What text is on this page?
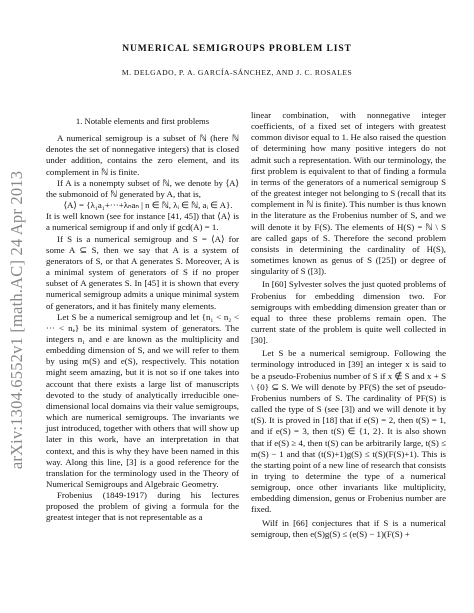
arXiv:1304.6552v1 [math.AC] 24 Apr 2013
NUMERICAL SEMIGROUPS PROBLEM LIST
M. DELGADO, P. A. GARCÍA-SÁNCHEZ, AND J. C. ROSALES
1. Notable elements and first problems

A numerical semigroup is a subset of ℕ (here ℕ denotes the set of nonnegative integers) that is closed under addition, contains the zero element, and its complement in ℕ is finite.

If A is a nonempty subset of ℕ, we denote by ⟨A⟩ the submonoid of ℕ generated by A, that is,

⟨A⟩ = {λ₁a₁+···+λₙaₙ | n ∈ ℕ, λᵢ ∈ ℕ, aᵢ ∈ A}.

It is well known (see for instance [41, 45]) that ⟨A⟩ is a numerical semigroup if and only if gcd(A) = 1.

If S is a numerical semigroup and S = ⟨A⟩ for some A ⊆ S, then we say that A is a system of generators of S, or that A generates S. Moreover, A is a minimal system of generators of S if no proper subset of A generates S. In [45] it is shown that every numerical semigroup admits a unique minimal system of generators, and it has finitely many elements.

Let S be a numerical semigroup and let {n₁ < n₂ < ··· < nₑ} be its minimal system of generators. The integers n₁ and e are known as the multiplicity and embedding dimension of S, and we will refer to them by using m(S) and e(S), respectively. This notation might seem amazing, but it is not so if one takes into account that there exists a large list of manuscripts devoted to the study of analytically irreducible one-dimensional local domains via their value semigroups, which are numerical semigroups. The invariants we just introduced, together with others that will show up later in this work, have an interpretation in that context, and this is why they have been named in this way. Along this line, [3] is a good reference for the translation for the terminology used in the Theory of Numerical Semigroups and Algebraic Geometry.

Frobenius (1849-1917) during his lectures proposed the problem of giving a formula for the greatest integer that is not representable as a

linear combination, with nonnegative integer coefficients, of a fixed set of integers with greatest common divisor equal to 1. He also raised the question of determining how many positive integers do not admit such a representation. With our terminology, the first problem is equivalent to that of finding a formula in terms of the generators of a numerical semigroup S of the greatest integer not belonging to S (recall that its complement in ℕ is finite). This number is thus known in the literature as the Frobenius number of S, and we will denote it by F(S). The elements of H(S) = ℕ \ S are called gaps of S. Therefore the second problem consists in determining the cardinality of H(S), sometimes known as genus of S ([25]) or degree of singularity of S ([3]).

In [60] Sylvester solves the just quoted problems of Frobenius for embedding dimension two. For semigroups with embedding dimension greater than or equal to three these problems remain open. The current state of the problem is quite well collected in [30].

Let S be a numerical semigroup. Following the terminology introduced in [39] an integer x is said to be a pseudo-Frobenius number of S if x ∉ S and x + S \ {0} ⊆ S. We will denote by PF(S) the set of pseudo-Frobenius numbers of S. The cardinality of PF(S) is called the type of S (see [3]) and we will denote it by t(S). It is proved in [18] that if e(S) = 2, then t(S) = 1, and if e(S) = 3, then t(S) ∈ {1, 2}. It is also shown that if e(S) ≥ 4, then t(S) can be arbitrarily large, t(S) ≤ m(S) − 1 and that (t(S)+1)g(S) ≤ t(S)(F(S)+1). This is the starting point of a new line of research that consists in trying to determine the type of a numerical semigroup, once other invariants like multiplicity, embedding dimension, genus or Frobenius number are fixed.

Wilf in [66] conjectures that if S is a numerical semigroup, then e(S)g(S) ≤ (e(S) − 1)(F(S) +
